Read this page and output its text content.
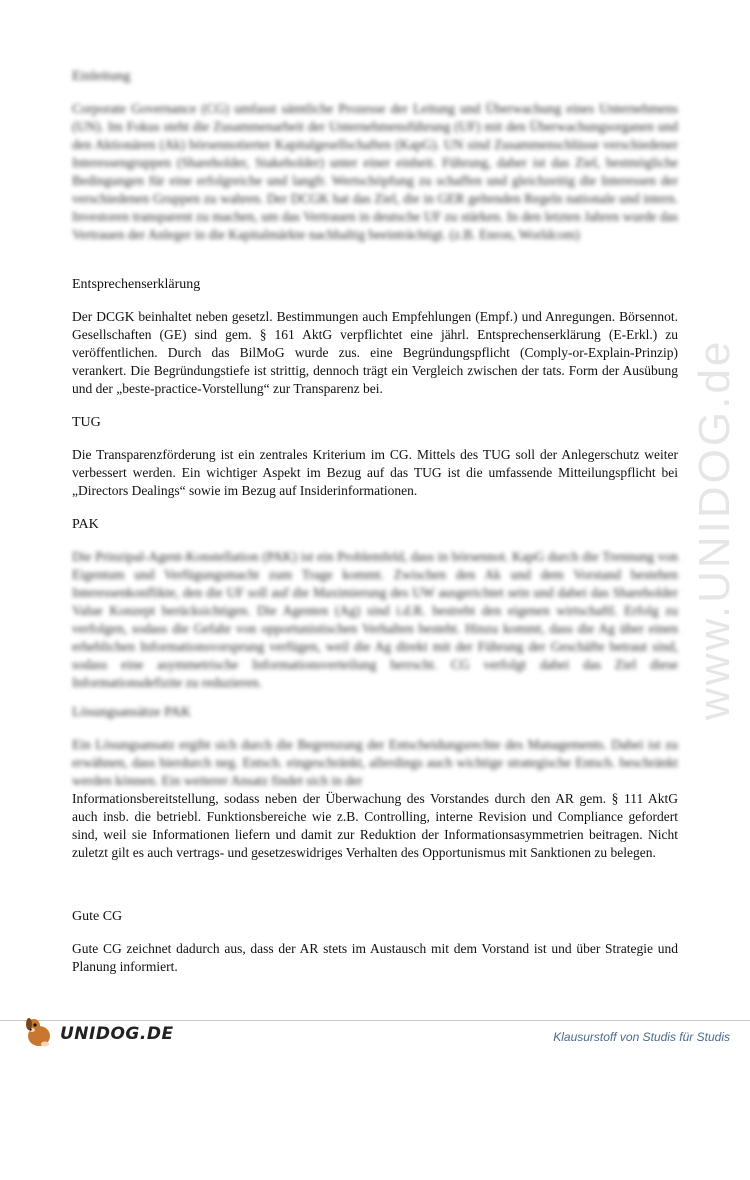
Einleitung

Corporate Governance (CG) umfasst sämtliche Prozesse der Leitung und Überwachung eines Unternehmens (UN). Im Fokus steht die Zusammenarbeit der Unternehmensführung (UF) mit den Überwachungsorganen und den Aktionären (Ak) börsennotierter Kapitalgesellschaften (KapG). UN sind Zusammenschlüsse verschiedener Interessengruppen (Shareholder, Stakeholder) unter einer einheit. Führung, daher ist das Ziel, bestmögliche Bedingungen für eine erfolgreiche und langfr. Wertschöpfung zu schaffen und gleichzeitig die Interessen der verschiedenen Gruppen zu wahren. Der DCGK hat das Ziel, die in GER geltenden Regeln nationale und intern. Investoren transparent zu machen, um das Vertrauen in deutsche UF zu stärken. In den letzten Jahren wurde das Vertrauen der Anleger in die Kapitalmärkte nachhaltig beeinträchtigt. (z.B. Enron, Worldcom)

Entsprechenserklärung

Der DCGK beinhaltet neben gesetzl. Bestimmungen auch Empfehlungen (Empf.) und Anregungen. Börsennot. Gesellschaften (GE) sind gem. § 161 AktG verpflichtet eine jährl. Entsprechenserklärung (E-Erkl.) zu veröffentlichen. Durch das BilMoG wurde zus. eine Begründungspflicht (Comply-or-Explain-Prinzip) verankert. Die Begründungstiefe ist strittig, dennoch trägt ein Vergleich zwischen der tats. Form der Ausübung und der „beste-practice-Vorstellung“ zur Transparenz bei.

TUG

Die Transparenzförderung ist ein zentrales Kriterium im CG. Mittels des TUG soll der Anlegerschutz weiter verbessert werden. Ein wichtiger Aspekt im Bezug auf das TUG ist die umfassende Mitteilungspflicht bei „Directors Dealings“ sowie im Bezug auf Insiderinformationen.

PAK

Die Prinzipal-Agent-Konstellation (PAK) ist ein Problemfeld, dass in börsennot. KapG durch die Trennung von Eigentum und Verfügungsmacht zum Trage kommt. Zwischen den Ak und dem Vorstand bestehen Interessenkonflikte, den die UF soll auf die Maximierung des UW ausgerichtet sein und dabei das Shareholder Value Konzept berücksichtigen. Die Agenten (Ag) sind i.d.R. bestrebt den eigenen wirtschaftl. Erfolg zu verfolgen, sodass die Gefahr von opportunistischen Verhalten besteht. Hinzu kommt, dass die Ag über einen erheblichen Informationsvorsprung verfügen, weil die Ag direkt mit der Führung der Geschäfte betraut sind, sodass eine asymmetrische Informationsverteilung herrscht. CG verfolgt dabei das Ziel diese Informationsdefizite zu reduzieren.

Lösungsansätze PAK

Ein Lösungsansatz ergibt sich durch die Begrenzung der Entscheidungsrechte des Managements. Dabei ist zu erwähnen, dass hierdurch neg. Entsch. eingeschränkt, allerdings auch wichtige strategische Entsch. beschränkt werden können. Ein weiterer Ansatz findet sich in der

Informationsbereitstellung, sodass neben der Überwachung des Vorstandes durch den AR gem. § 111 AktG auch insb. die betriebl. Funktionsbereiche wie z.B. Controlling, interne Revision und Compliance gefordert sind, weil sie Informationen liefern und damit zur Reduktion der Informationsasymmetrien beitragen. Nicht zuletzt gilt es auch vertrags- und gesetzeswidriges Verhalten des Opportunismus mit Sanktionen zu belegen.

Gute CG

Gute CG zeichnet dadurch aus, dass der AR stets im Austausch mit dem Vorstand ist und über Strategie und Planung informiert.

www.UNIDOG.de
UNIDOG.DE	Klausurstoff von Studis für Studis
